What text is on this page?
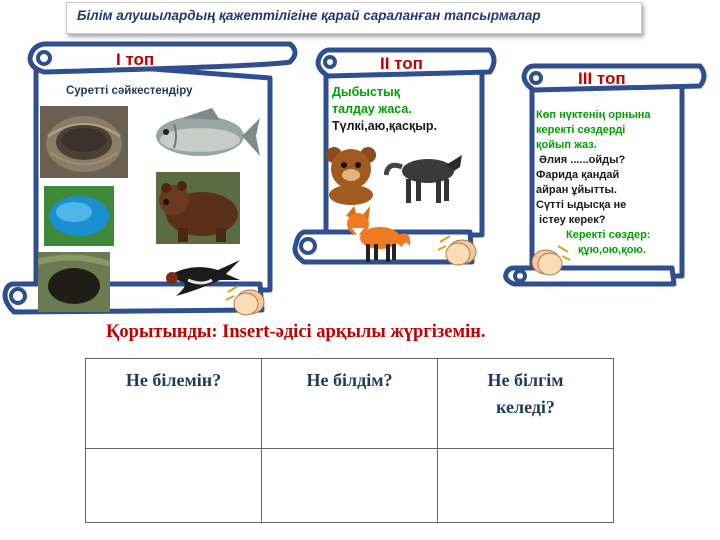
Білім алушылардың қажеттілігіне қарай сараланған тапсырмалар
І топ	ІІ топ
ІІІ топ
Суретті сәйкестендіру	Дыбыстық
талдау жаса.
Түлкі,аю,қасқыр.
Көп нүктенің орнына
керекті сөздерді
қойып жаз.
Әлия ......ойды?
Фарида қандай
айран ұйытты.
Сүтті ыдысқа не
істеу керек?
Керекті сөздер:
құю,ою,қою.
Қорытынды: Insert-әдісі арқылы жүргіземін.
Не білемін?	Не білдім?	Не білгім
келеді?
